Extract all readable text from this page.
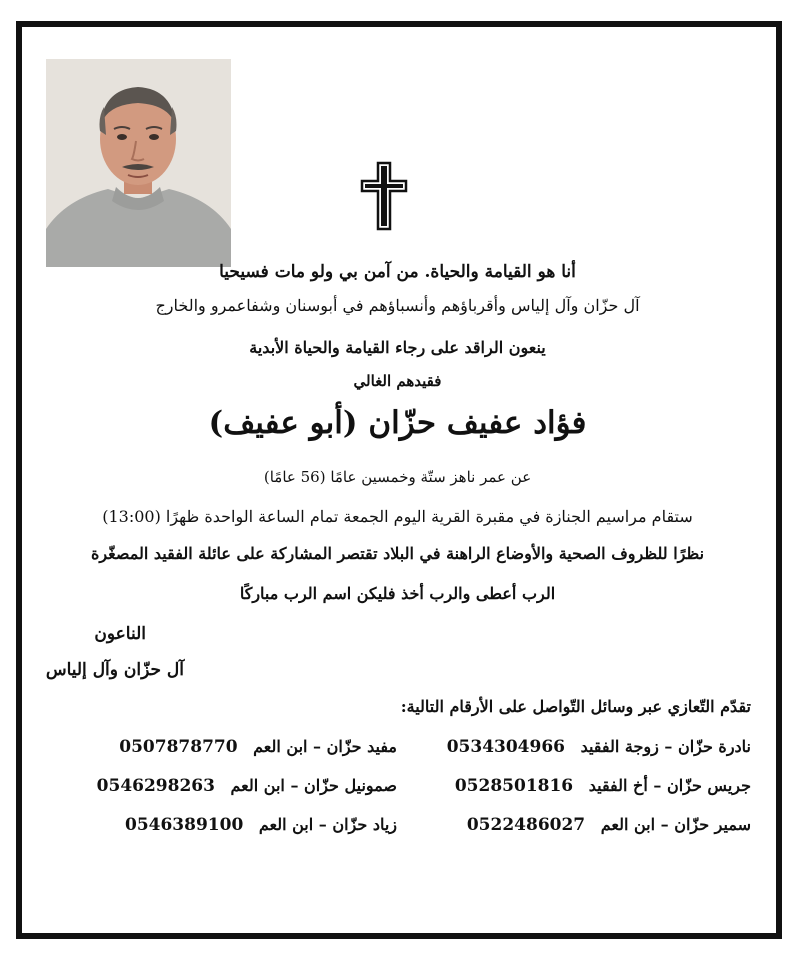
أنا هو القيامة والحياة. من آمن بي ولو مات فسيحيا
آل حزّان وآل إلياس وأقرباؤهم وأنسباؤهم في أبوسنان وشفاعمرو والخارج
ينعون الراقد على رجاء القيامة والحياة الأبدية
فقيدهم الغالي
فؤاد عفيف حزّان (أبو عفيف)
عن عمر ناهز ستّة وخمسين عامًا (56 عامًا)
ستقام مراسيم الجنازة في مقبرة القرية اليوم الجمعة تمام الساعة الواحدة ظهرًا (13:00)
نظرًا للظروف الصحية والأوضاع الراهنة في البلاد تقتصر المشاركة على عائلة الفقيد المصغّرة
الرب أعطى والرب أخذ فليكن اسم الرب مباركًا
الناعون
آل حزّان وآل إلياس
تقدّم التّعازي عبر وسائل التّواصل على الأرقام التالية:
نادرة حزّان – زوجة الفقيد 0534304966
مفيد حزّان – ابن العم 0507878770
جريس حزّان – أخ الفقيد 0528501816
صمونيل حزّان – ابن العم 0546298263
سمير حزّان – ابن العم 0522486027
زياد حزّان – ابن العم 0546389100
